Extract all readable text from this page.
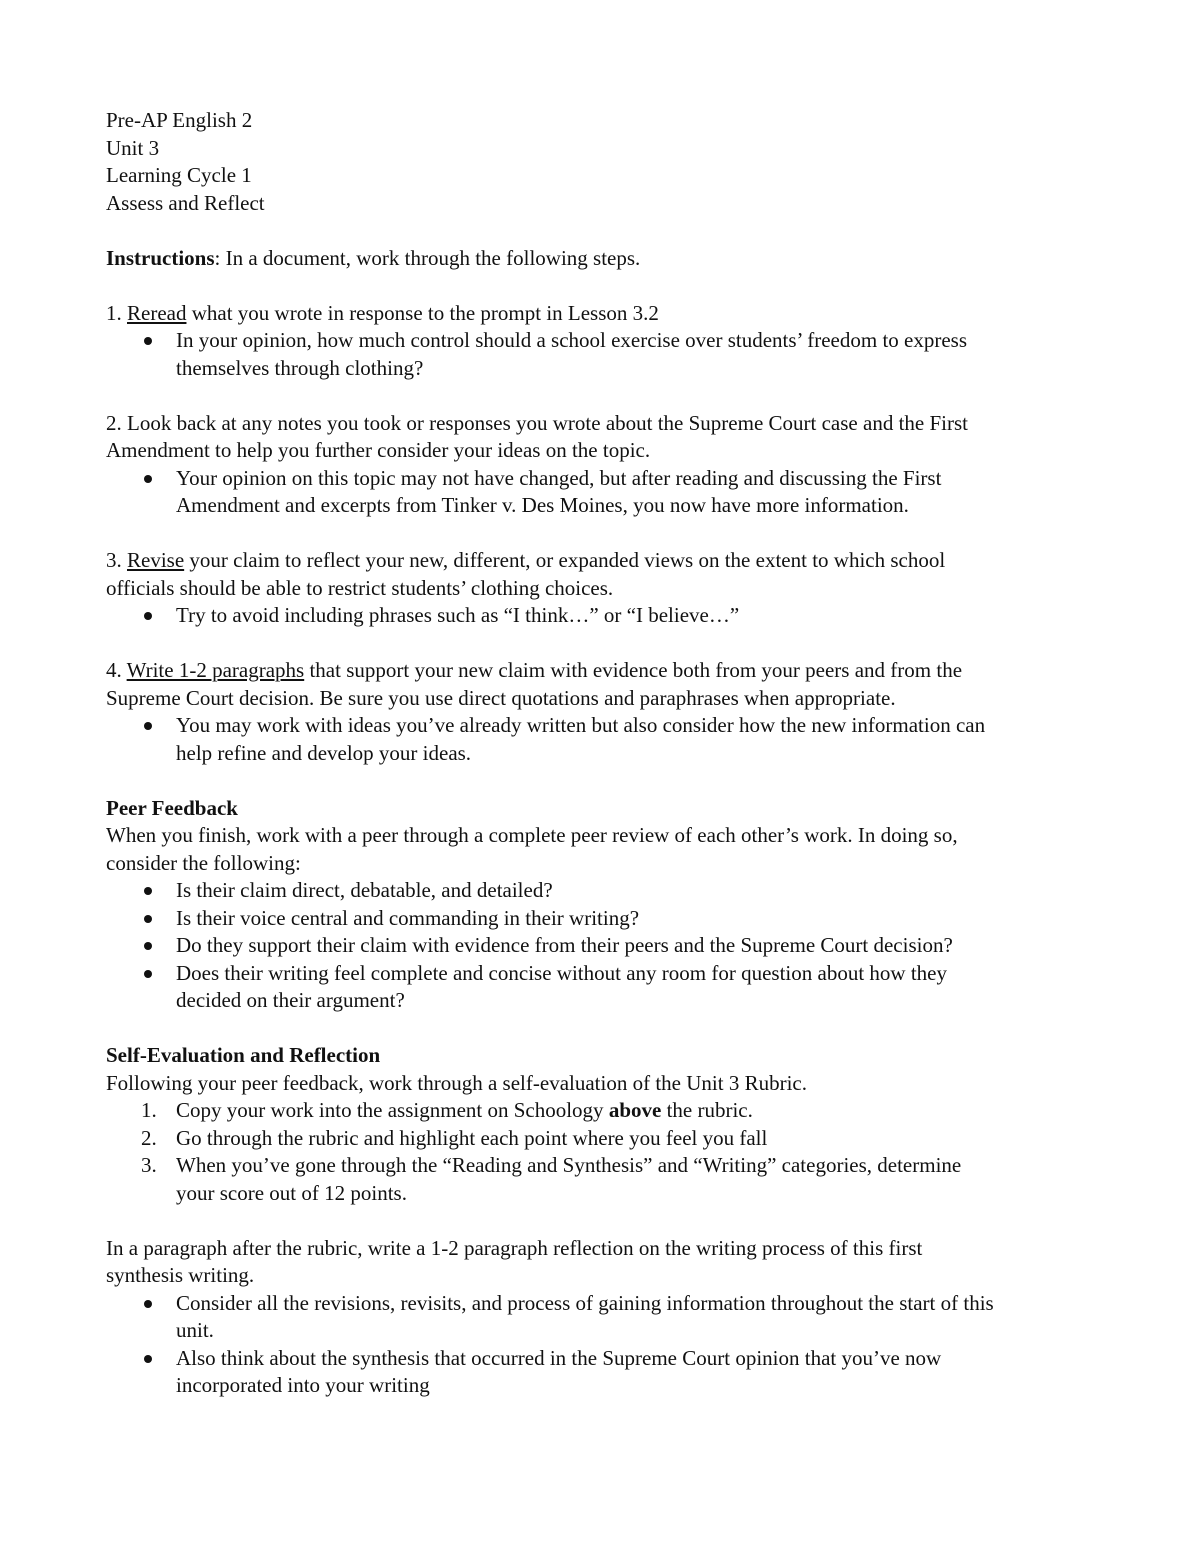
Pre-AP English 2
Unit 3
Learning Cycle 1
Assess and Reflect
Instructions: In a document, work through the following steps.
1. Reread what you wrote in response to the prompt in Lesson 3.2
In your opinion, how much control should a school exercise over students’ freedom to express
themselves through clothing?
2. Look back at any notes you took or responses you wrote about the Supreme Court case and the First
Amendment to help you further consider your ideas on the topic.
Your opinion on this topic may not have changed, but after reading and discussing the First
Amendment and excerpts from Tinker v. Des Moines, you now have more information.
3. Revise your claim to reflect your new, different, or expanded views on the extent to which school
officials should be able to restrict students’ clothing choices.
Try to avoid including phrases such as “I think…” or “I believe…”
4. Write 1-2 paragraphs that support your new claim with evidence both from your peers and from the
Supreme Court decision. Be sure you use direct quotations and paraphrases when appropriate.
You may work with ideas you’ve already written but also consider how the new information can
help refine and develop your ideas.
Peer Feedback
When you finish, work with a peer through a complete peer review of each other’s work. In doing so,
consider the following:
Is their claim direct, debatable, and detailed?
Is their voice central and commanding in their writing?
Do they support their claim with evidence from their peers and the Supreme Court decision?
Does their writing feel complete and concise without any room for question about how they
decided on their argument?
Self-Evaluation and Reflection
Following your peer feedback, work through a self-evaluation of the Unit 3 Rubric.
1. Copy your work into the assignment on Schoology above the rubric.
2. Go through the rubric and highlight each point where you feel you fall
3. When you’ve gone through the “Reading and Synthesis” and “Writing” categories, determine
your score out of 12 points.
In a paragraph after the rubric, write a 1-2 paragraph reflection on the writing process of this first
synthesis writing.
Consider all the revisions, revisits, and process of gaining information throughout the start of this
unit.
Also think about the synthesis that occurred in the Supreme Court opinion that you’ve now
incorporated into your writing
